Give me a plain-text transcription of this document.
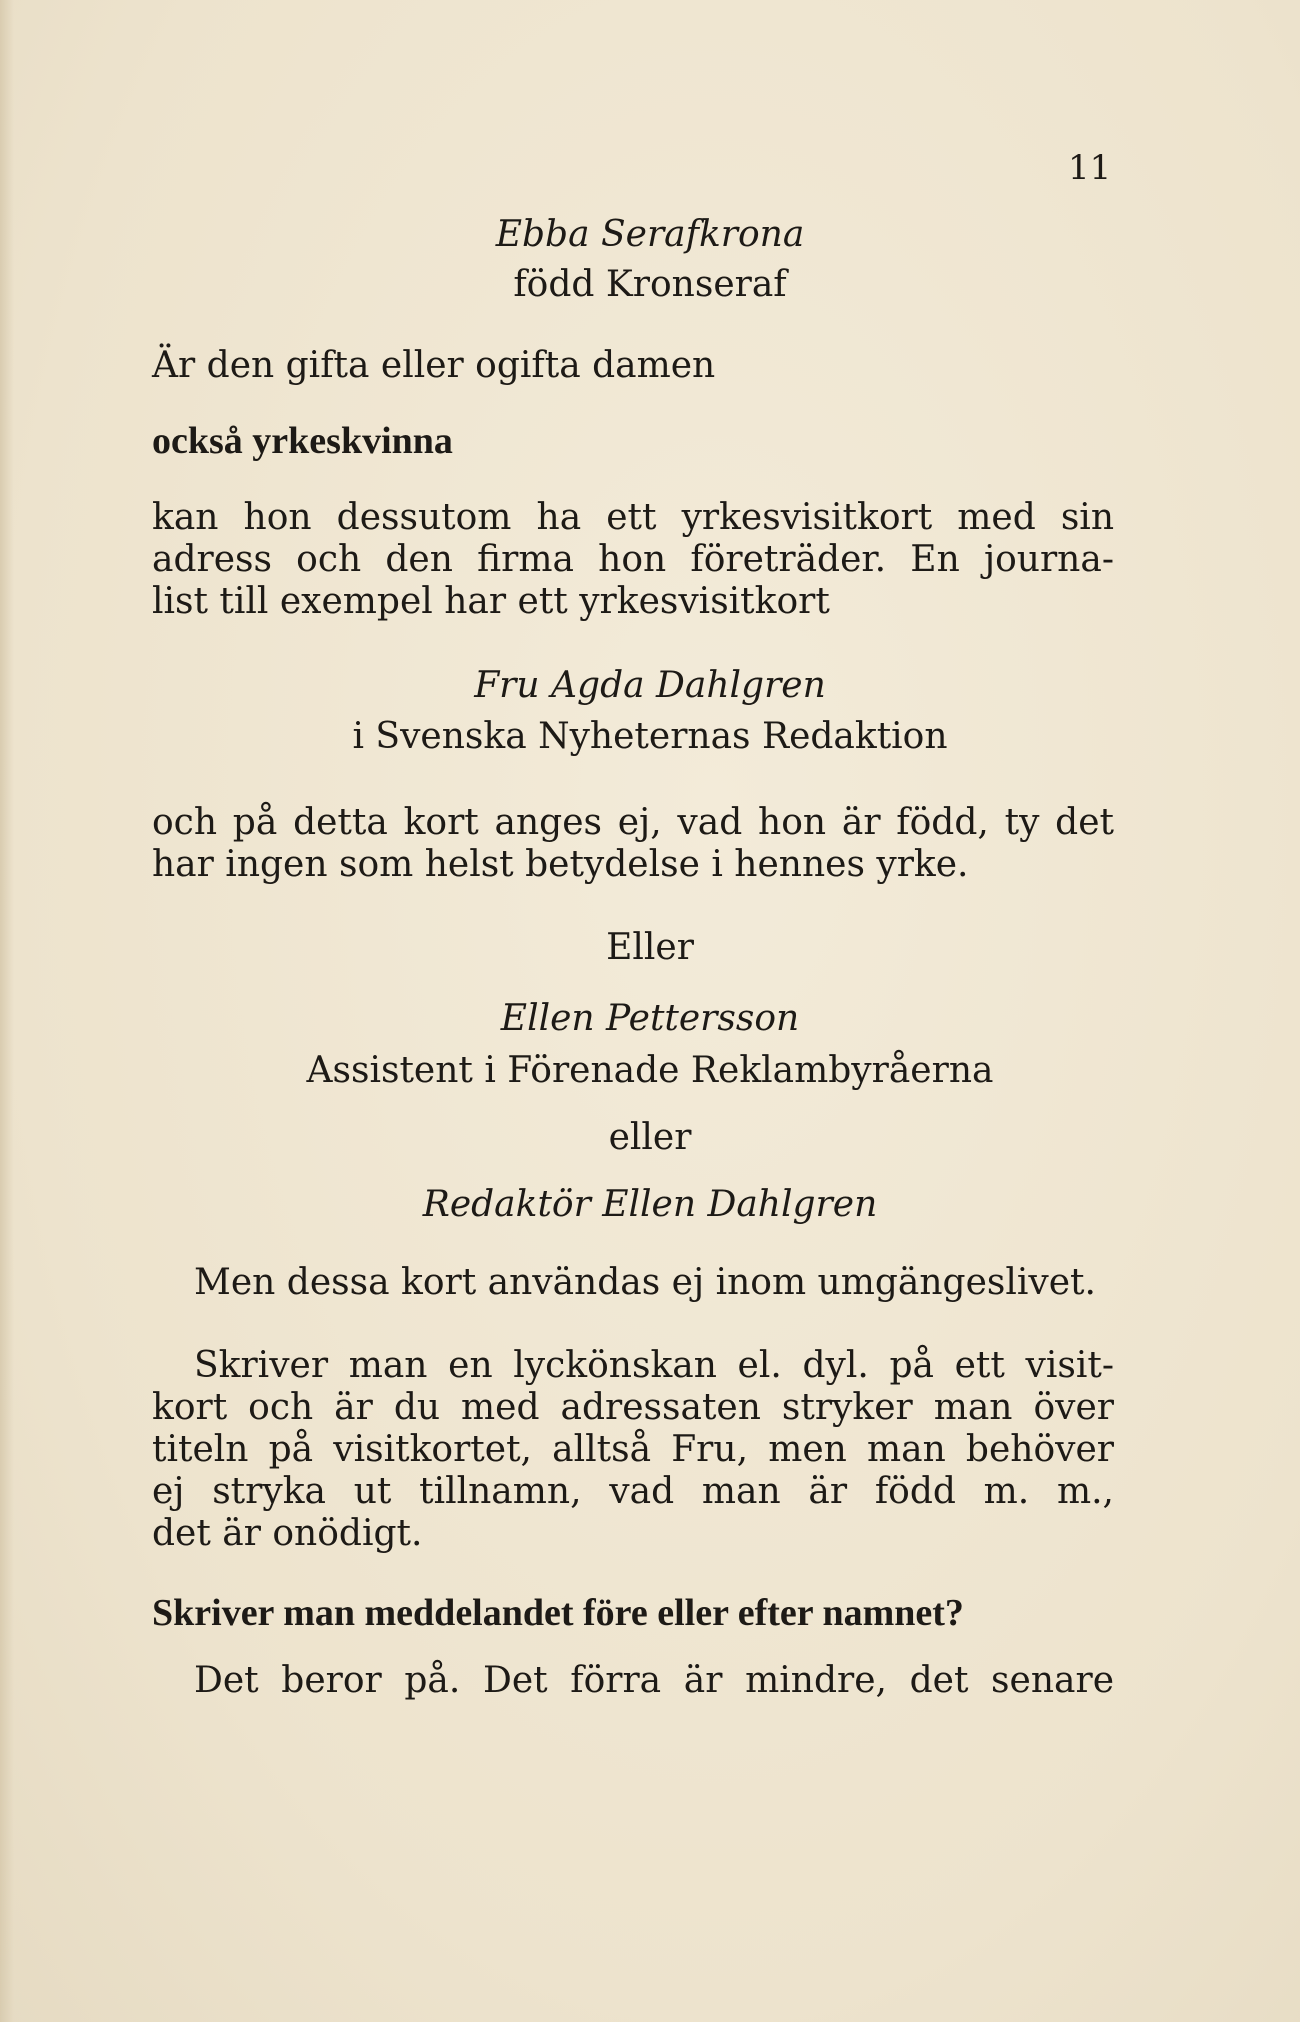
11

Ebba Serafkrona

född Kronseraf

Är den gifta eller ogifta damen

också yrkeskvinna

kan hon dessutom ha ett yrkesvisitkort med sin

adress och den firma hon företräder. En journa-

list till exempel har ett yrkesvisitkort

Fru Agda Dahlgren

i Svenska Nyheternas Redaktion

och på detta kort anges ej, vad hon är född, ty det

har ingen som helst betydelse i hennes yrke.

Eller

Ellen Pettersson

Assistent i Förenade Reklambyråerna

eller

Redaktör Ellen Dahlgren

Men dessa kort användas ej inom umgängeslivet.

Skriver man en lyckönskan el. dyl. på ett visit-

kort och är du med adressaten stryker man över

titeln på visitkortet, alltså Fru, men man behöver

ej stryka ut tillnamn, vad man är född m. m.,

det är onödigt.

Skriver man meddelandet före eller efter namnet?

Det beror på. Det förra är mindre, det senare
